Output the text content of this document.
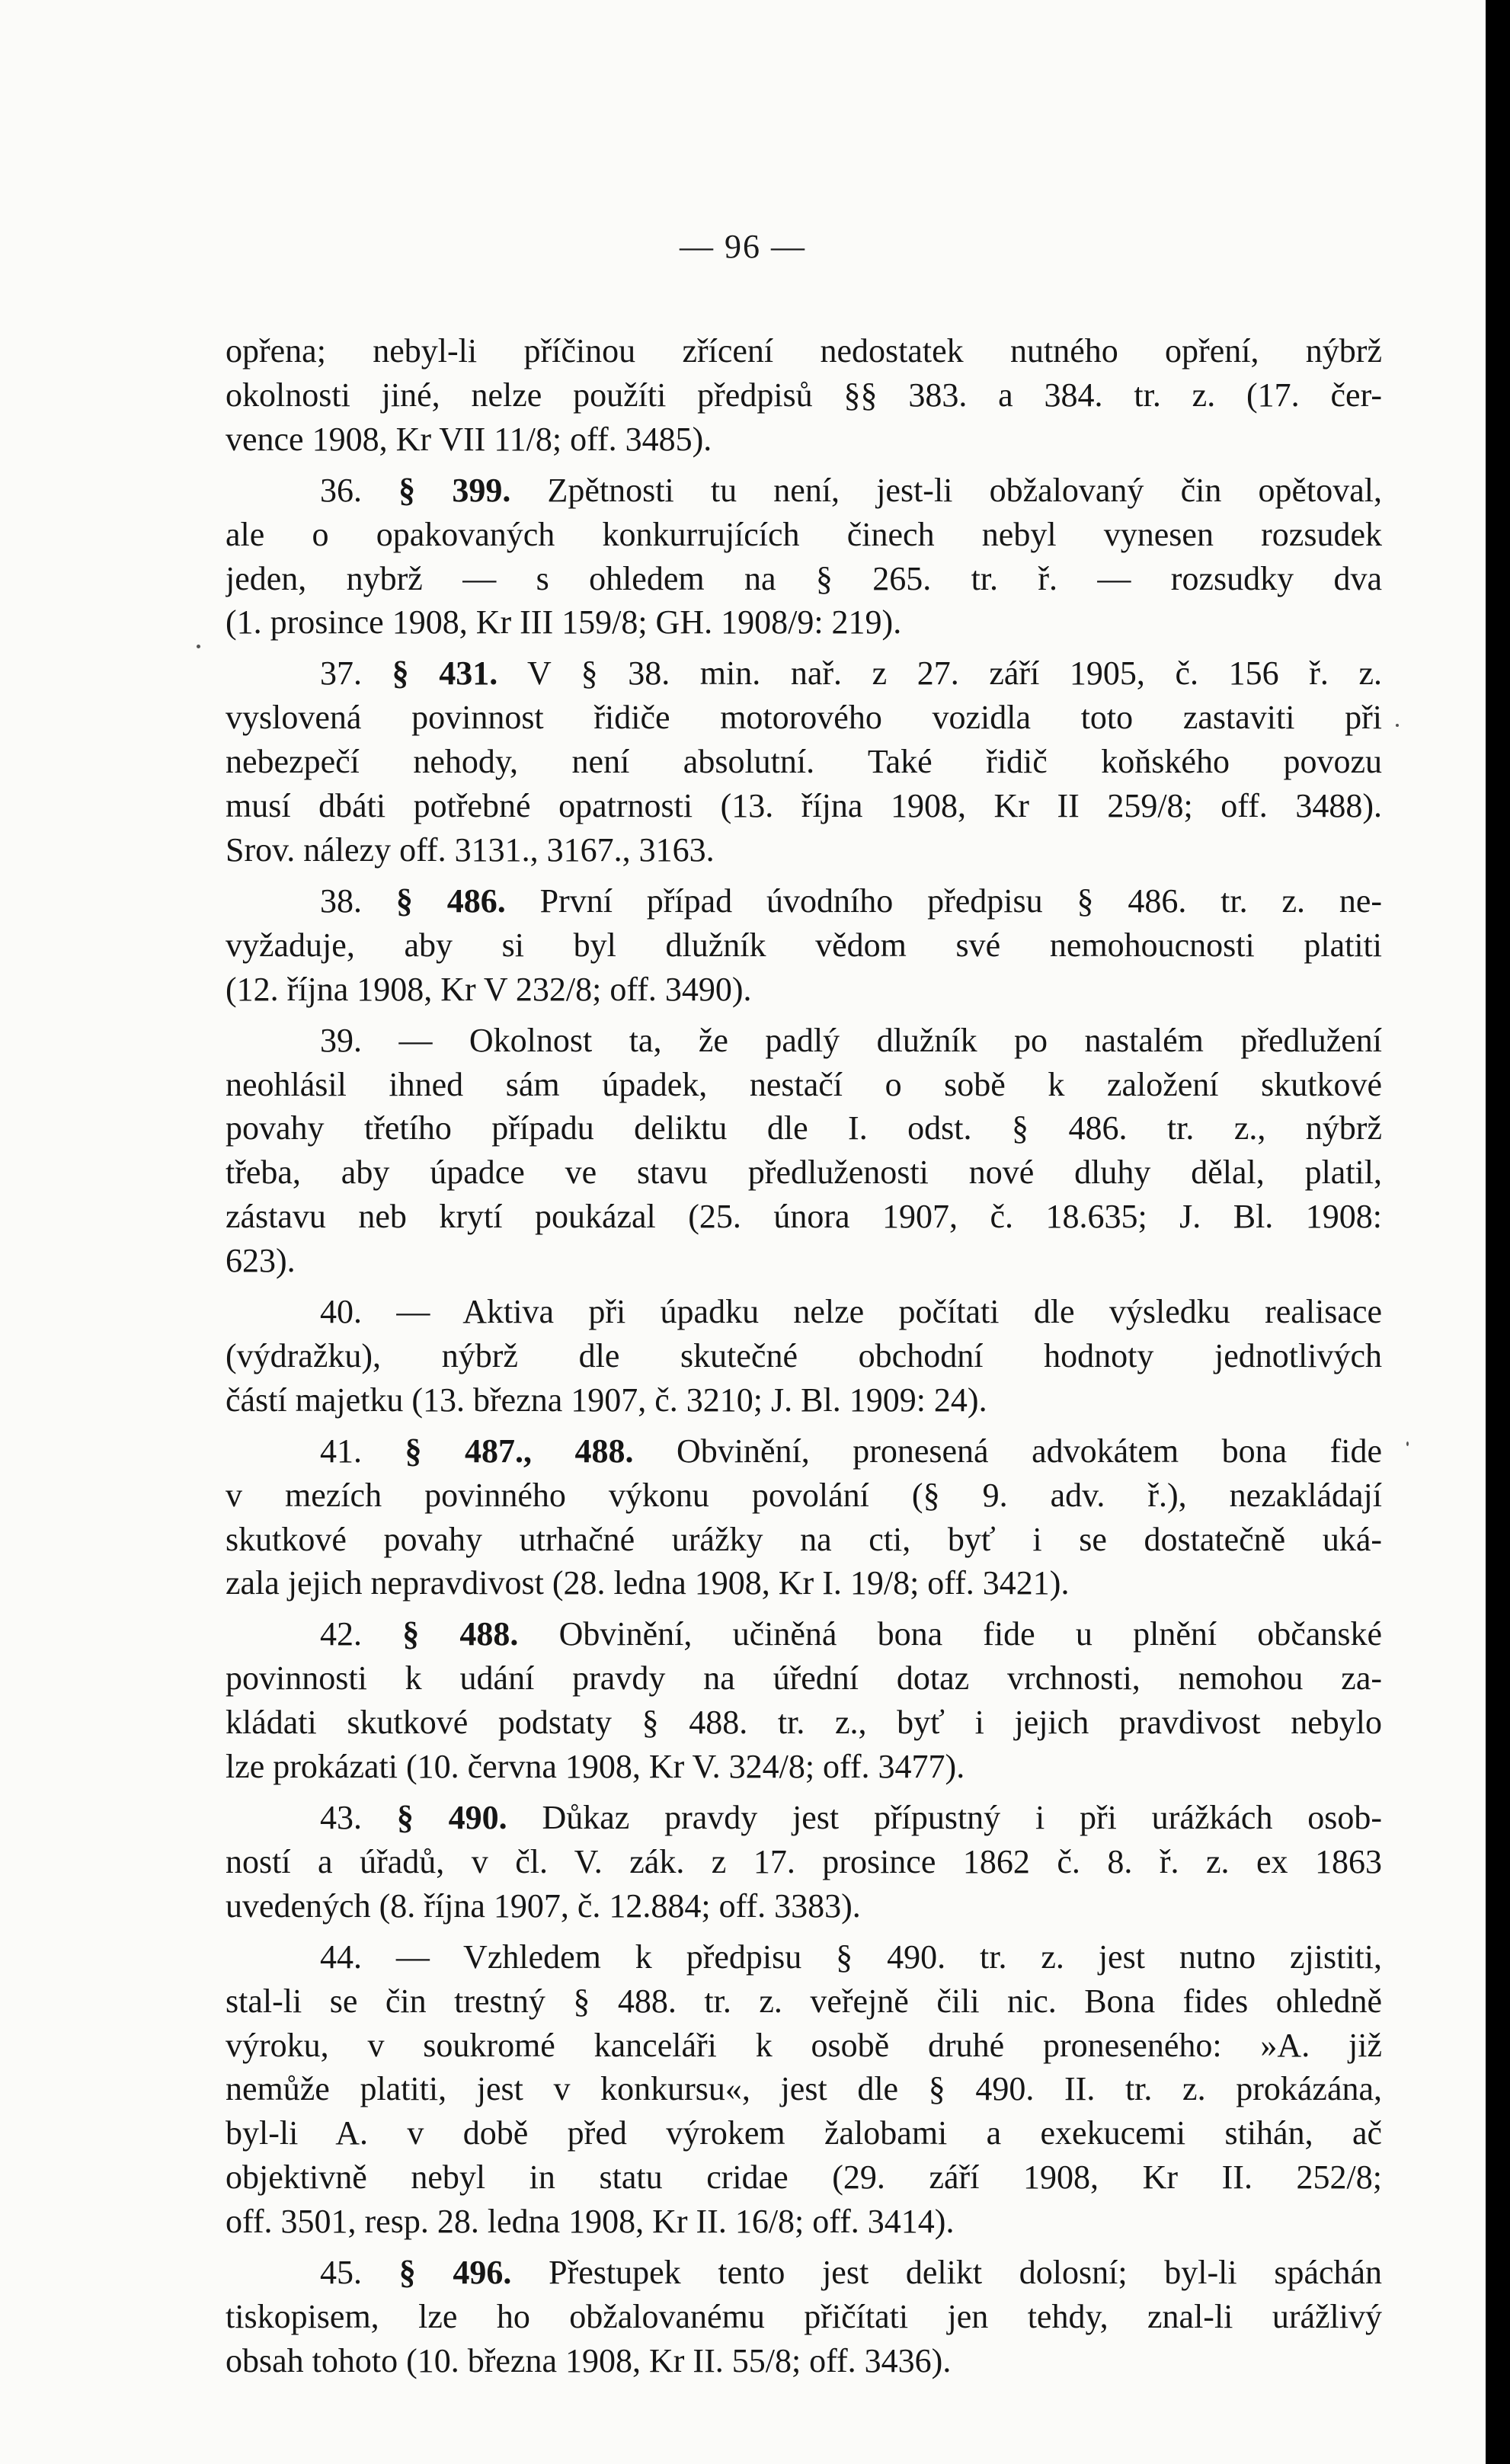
— 96 —
opřena; nebyl-li příčinou zřícení nedostatek nutného opření, nýbrž
okolnosti jiné, nelze použíti předpisů §§ 383. a 384. tr. z. (17. čer-
vence 1908, Kr VII 11/8; off. 3485).
36. § 399. Zpětnosti tu není, jest-li obžalovaný čin opětoval,
ale o opakovaných konkurrujících činech nebyl vynesen rozsudek
jeden, nybrž — s ohledem na § 265. tr. ř. — rozsudky dva
(1. prosince 1908, Kr III 159/8; GH. 1908/9: 219).
37. § 431. V § 38. min. nař. z 27. září 1905, č. 156 ř. z.
vyslovená povinnost řidiče motorového vozidla toto zastaviti při
nebezpečí nehody, není absolutní. Také řidič koňského povozu
musí dbáti potřebné opatrnosti (13. října 1908, Kr II 259/8; off. 3488).
Srov. nálezy off. 3131., 3167., 3163.
38. § 486. První případ úvodního předpisu § 486. tr. z. ne-
vyžaduje, aby si byl dlužník vědom své nemohoucnosti platiti
(12. října 1908, Kr V 232/8; off. 3490).
39. — Okolnost ta, že padlý dlužník po nastalém předlužení
neohlásil ihned sám úpadek, nestačí o sobě k založení skutkové
povahy třetího případu deliktu dle I. odst. § 486. tr. z., nýbrž
třeba, aby úpadce ve stavu předluženosti nové dluhy dělal, platil,
zástavu neb krytí poukázal (25. února 1907, č. 18.635; J. Bl. 1908:
623).
40. — Aktiva při úpadku nelze počítati dle výsledku realisace
(výdražku), nýbrž dle skutečné obchodní hodnoty jednotlivých
částí majetku (13. března 1907, č. 3210; J. Bl. 1909: 24).
41. § 487., 488. Obvinění, pronesená advokátem bona fide
v mezích povinného výkonu povolání (§ 9. adv. ř.), nezakládají
skutkové povahy utrhačné urážky na cti, byť i se dostatečně uká-
zala jejich nepravdivost (28. ledna 1908, Kr I. 19/8; off. 3421).
42. § 488. Obvinění, učiněná bona fide u plnění občanské
povinnosti k udání pravdy na úřední dotaz vrchnosti, nemohou za-
kládati skutkové podstaty § 488. tr. z., byť i jejich pravdivost nebylo
lze prokázati (10. června 1908, Kr V. 324/8; off. 3477).
43. § 490. Důkaz pravdy jest přípustný i při urážkách osob-
ností a úřadů, v čl. V. zák. z 17. prosince 1862 č. 8. ř. z. ex 1863
uvedených (8. října 1907, č. 12.884; off. 3383).
44. — Vzhledem k předpisu § 490. tr. z. jest nutno zjistiti,
stal-li se čin trestný § 488. tr. z. veřejně čili nic. Bona fides ohledně
výroku, v soukromé kanceláři k osobě druhé proneseného: »A. již
nemůže platiti, jest v konkursu«, jest dle § 490. II. tr. z. prokázána,
byl-li A. v době před výrokem žalobami a exekucemi stihán, ač
objektivně nebyl in statu cridae (29. září 1908, Kr II. 252/8;
off. 3501, resp. 28. ledna 1908, Kr II. 16/8; off. 3414).
45. § 496. Přestupek tento jest delikt dolosní; byl-li spáchán
tiskopisem, lze ho obžalovanému přičítati jen tehdy, znal-li urážlivý
obsah tohoto (10. března 1908, Kr II. 55/8; off. 3436).
